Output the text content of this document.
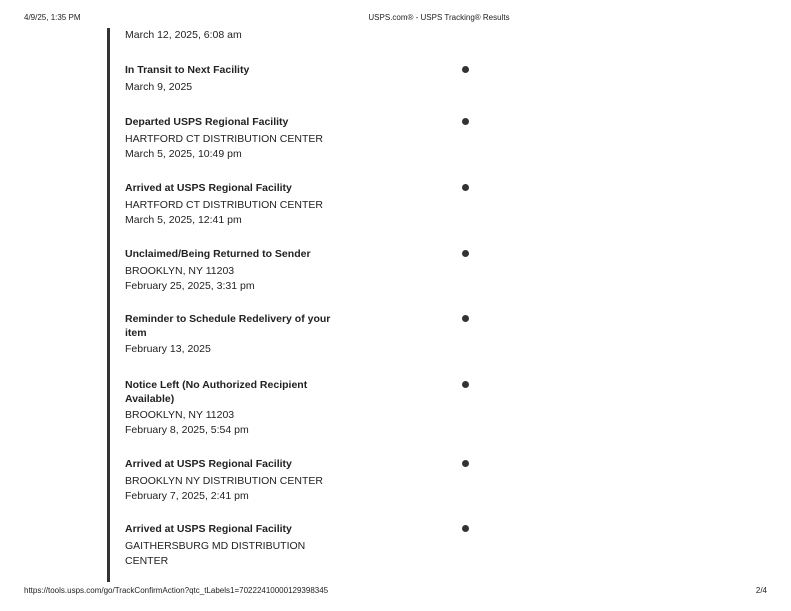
4/9/25, 1:35 PM	USPS.com® - USPS Tracking® Results
March 12, 2025, 6:08 am
In Transit to Next Facility
March 9, 2025
Departed USPS Regional Facility
HARTFORD CT DISTRIBUTION CENTER
March 5, 2025, 10:49 pm
Arrived at USPS Regional Facility
HARTFORD CT DISTRIBUTION CENTER
March 5, 2025, 12:41 pm
Unclaimed/Being Returned to Sender
BROOKLYN, NY 11203
February 25, 2025, 3:31 pm
Reminder to Schedule Redelivery of your item
February 13, 2025
Notice Left (No Authorized Recipient Available)
BROOKLYN, NY 11203
February 8, 2025, 5:54 pm
Arrived at USPS Regional Facility
BROOKLYN NY DISTRIBUTION CENTER
February 7, 2025, 2:41 pm
Arrived at USPS Regional Facility
GAITHERSBURG MD DISTRIBUTION CENTER
https://tools.usps.com/go/TrackConfirmAction?qtc_tLabels1=70222410000129398345	2/4
